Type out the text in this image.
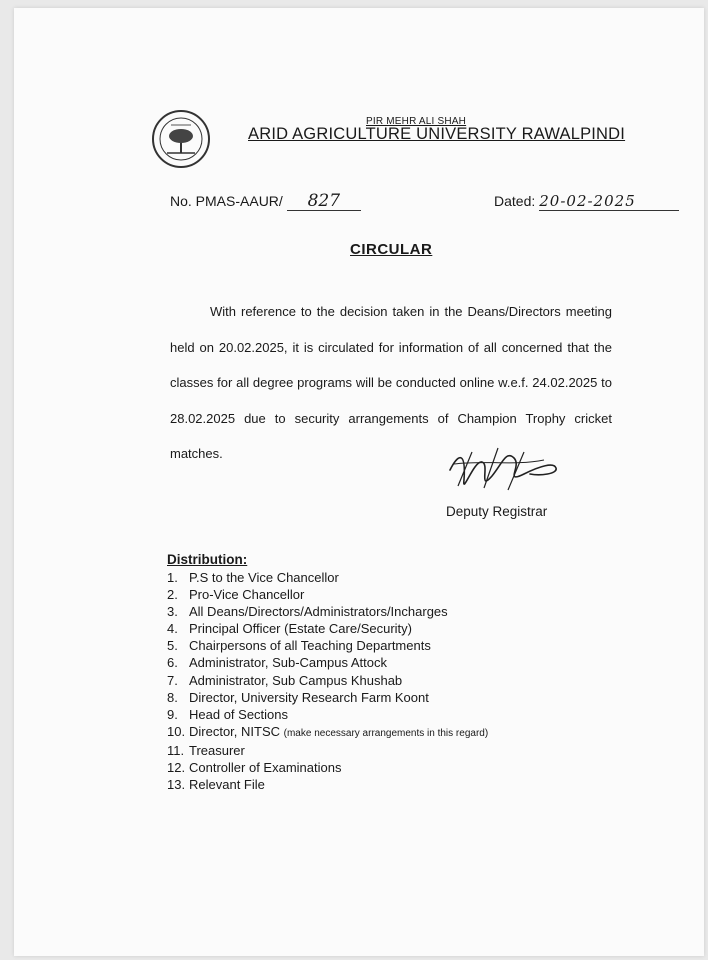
PIR MEHR ALI SHAH
ARID AGRICULTURE UNIVERSITY RAWALPINDI
No. PMAS-AAUR/ 827	Dated: 20-02-2025
CIRCULAR
With reference to the decision taken in the Deans/Directors meeting held on 20.02.2025, it is circulated for information of all concerned that the classes for all degree programs will be conducted online w.e.f. 24.02.2025 to 28.02.2025 due to security arrangements of Champion Trophy cricket matches.
Deputy Registrar
Distribution:
1. P.S to the Vice Chancellor
2. Pro-Vice Chancellor
3. All Deans/Directors/Administrators/Incharges
4. Principal Officer (Estate Care/Security)
5. Chairpersons of all Teaching Departments
6. Administrator, Sub-Campus Attock
7. Administrator, Sub Campus Khushab
8. Director, University Research Farm Koont
9. Head of Sections
10. Director, NITSC (make necessary arrangements in this regard)
11. Treasurer
12. Controller of Examinations
13. Relevant File
